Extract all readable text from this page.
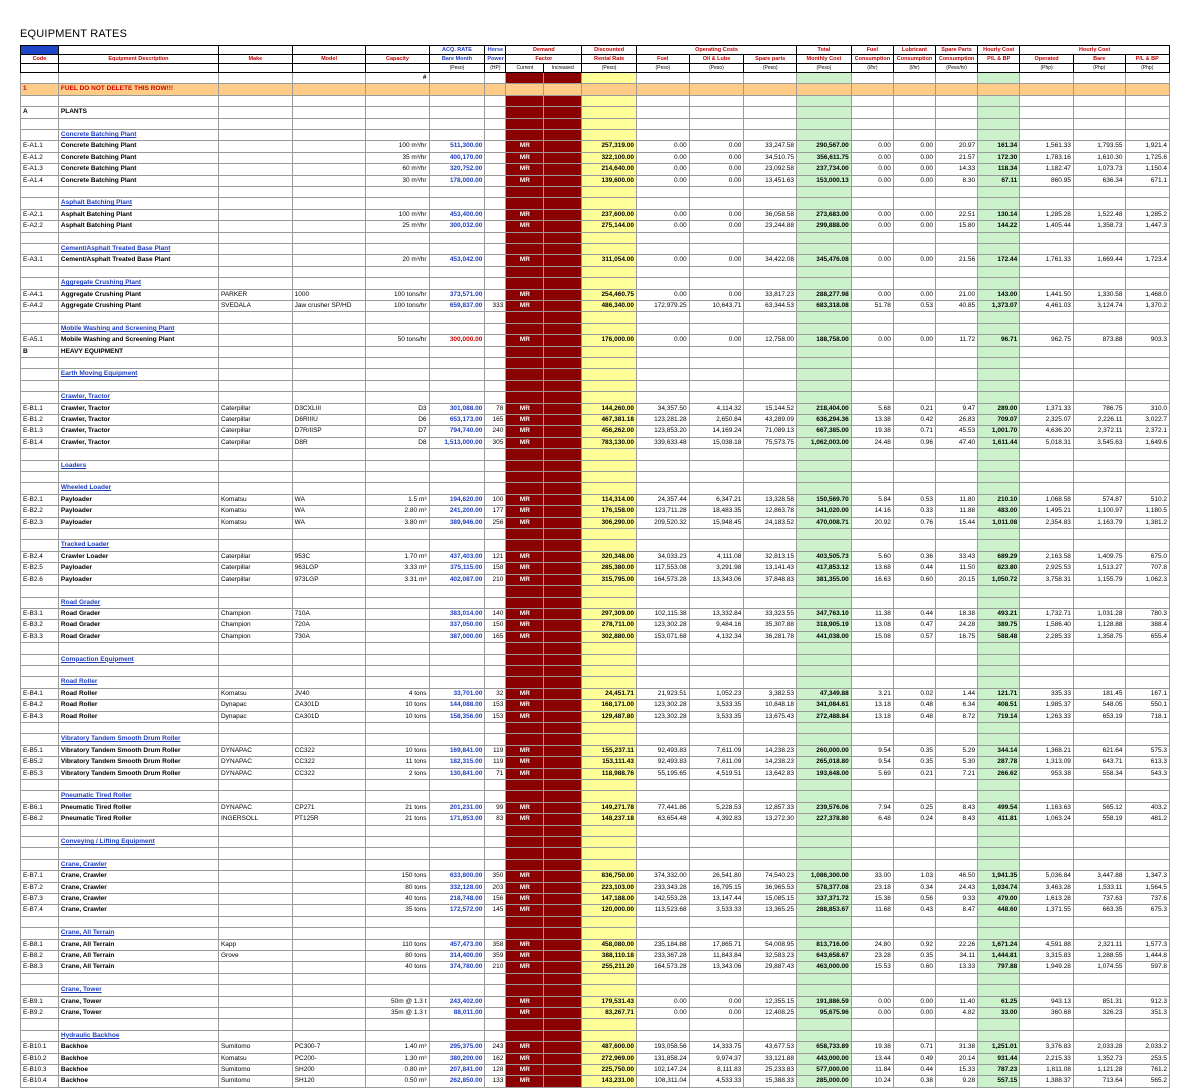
EQUIPMENT RATES
					ACQ. RATE	Horse	Demand		Discounted	Operating Costs			Total	Fuel	Lubricant	Spare Parts	Hourly Cost	Hourly Cost		
Code	Equipment Description	Make	Model	Capacity	Bare Month	Power	Factor		Rental Rate	Fuel	Oil & Lube	Spare parts	Monthly Cost	Consumption	Consumption	Consumption	P/L & BP	Operated	Bare	P/L & BP
					(Peso)	(HP)	Current	Increased	(Peso)	(Peso)	(Peso)	(Peso)	(Peso)	(l/hr)	(l/hr)	(Peso/hr)		(Php)	(Php)	(Php)
				#																
1	FUEL DO NOT DELETE THIS ROW!!!																			

A	PLANTS																			

	Concrete Batching Plant																			
E-A1.1	Concrete Batching Plant			100 m³/hr	511,300.00		MR		257,319.00	0.00	0.00	33,247.58	290,567.00	0.00	0.00	20.97	161.34	1,561.33	1,793.55	1,921.4
E-A1.2	Concrete Batching Plant			35 m³/hr	400,170.00		MR		322,100.00	0.00	0.00	34,510.75	356,611.75	0.00	0.00	21.57	172.30	1,783.16	1,610.30	1,725.6
E-A1.3	Concrete Batching Plant			60 m³/hr	320,752.00		MR		214,640.00	0.00	0.00	23,092.58	237,734.00	0.00	0.00	14.33	118.34	1,182.47	1,073.73	1,150.4
E-A1.4	Concrete Batching Plant			30 m³/hr	178,000.00		MR		139,600.00	0.00	0.00	13,451.63	153,000.13	0.00	0.00	8.30	67.11	860.95	636.34	671.1

	Asphalt Batching Plant																			
E-A2.1	Asphalt Batching Plant			100 m³/hr	453,400.00		MR		237,600.00	0.00	0.00	36,058.58	273,683.00	0.00	0.00	22.51	130.14	1,285.28	1,522.48	1,285.2
E-A2.2	Asphalt Batching Plant			25 m³/hr	300,032.00		MR		275,144.00	0.00	0.00	23,244.88	299,888.00	0.00	0.00	15.80	144.22	1,405.44	1,358.73	1,447.3

	Cement/Asphalt Treated Base Plant																			
E-A3.1	Cement/Asphalt Treated Base Plant			20 m³/hr	453,042.00		MR		311,054.00	0.00	0.00	34,422.08	345,476.08	0.00	0.00	21.56	172.44	1,761.33	1,669.44	1,723.4

	Aggregate Crushing Plant																			
E-A4.1	Aggregate Crushing Plant	PARKER	1000	100 tons/hr	373,571.00		MR		254,460.75	0.00	0.00	33,817.23	288,277.98	0.00	0.00	21.00	143.00	1,441.50	1,330.58	1,468.0
E-A4.2	Aggregate Crushing Plant	SVEDALA	Jaw crusher SP/HD	100 tons/hr	659,837.00	333	MR		486,340.00	172,979.25	10,643.71	63,344.53	683,318.08	51.78	0.53	40.85	1,373.07	4,461.03	3,124.74	1,370.2

	Mobile Washing and Screening Plant																			
E-A5.1	Mobile Washing and Screening Plant			50 tons/hr	300,000.00		MR		176,000.00	0.00	0.00	12,758.00	188,758.00	0.00	0.00	11.72	96.71	962.75	873.88	903.3
B	HEAVY EQUIPMENT																			

	Earth Moving Equipment																			

	Crawler, Tractor																			
E-B1.1	Crawler, Tractor	Caterpillar	D3CXLIII	D3	301,088.00	78	MR		144,260.00	34,357.50	4,114.32	15,144.52	218,404.00	5.68	0.21	9.47	289.00	1,371.33	786.75	310.0
E-B1.2	Crawler, Tractor	Caterpillar	D6RIIIU	D6	653,173.00	165	MR		467,381.18	123,281.28	2,650.84	43,289.09	636,294.36	13.38	0.42	26.83	709.07	2,325.07	2,226.11	3,022.7
E-B1.3	Crawler, Tractor	Caterpillar	D7R/IISP	D7	794,740.00	240	MR		456,262.00	123,853.20	14,169.24	71,089.13	667,385.00	19.38	0.71	45.53	1,001.70	4,636.20	2,372.11	2,372.1
E-B1.4	Crawler, Tractor	Caterpillar	D8R	D8	1,513,000.00	305	MR		783,130.00	339,633.48	15,038.18	75,573.75	1,062,003.00	24.48	0.96	47.40	1,611.44	5,018.31	3,545.63	1,649.6

	Loaders																			

	Wheeled Loader																			
E-B2.1	Payloader	Komatsu	WA	1.5 m³	194,620.00	100	MR		114,314.00	24,357.44	6,347.21	13,328.58	150,569.70	5.84	0.53	11.80	210.10	1,068.58	574.87	510.2
E-B2.2	Payloader	Komatsu	WA	2.80 m³	241,200.00	177	MR		176,158.00	123,711.28	18,483.35	12,863.78	341,020.00	14.16	0.33	11.88	483.00	1,495.21	1,100.97	1,180.5
E-B2.3	Payloader	Komatsu	WA	3.80 m³	389,946.00	256	MR		306,290.00	209,520.32	15,948.45	24,183.52	470,008.71	20.92	0.76	15.44	1,011.08	2,354.83	1,163.79	1,381.2

	Tracked Loader																			
E-B2.4	Crawler Loader	Caterpillar	953C	1.70 m³	437,403.00	121	MR		320,348.00	34,033.23	4,111.08	32,813.15	403,505.73	5.60	0.36	33.43	689.29	2,163.58	1,409.75	675.0
E-B2.5	Payloader	Caterpillar	963LGP	3.33 m³	375,115.00	158	MR		285,380.00	117,553.08	3,291.98	13,141.43	417,853.12	13.68	0.44	11.50	823.80	2,925.53	1,513.27	707.8
E-B2.6	Payloader	Caterpillar	973LGP	3.31 m³	402,087.00	210	MR		315,795.00	164,573.28	13,343.06	37,848.83	381,355.00	16.63	0.60	20.15	1,050.72	3,758.31	1,155.79	1,062.3

	Road Grader																			
E-B3.1	Road Grader	Champion	710A		383,014.00	140	MR		297,309.00	102,115.38	13,332.84	33,323.55	347,763.10	11.38	0.44	18.38	493.21	1,732.71	1,031.28	780.3
E-B3.2	Road Grader	Champion	720A		337,050.00	150	MR		278,711.00	123,302.28	9,484.16	35,307.88	318,905.19	13.08	0.47	24.28	389.75	1,586.40	1,128.88	388.4
E-B3.3	Road Grader	Champion	730A		387,000.00	165	MR		302,880.00	153,071.68	4,132.34	36,281.78	441,038.00	15.08	0.57	16.75	588.48	2,285.33	1,358.75	655.4

	Compaction Equipment																			

	Road Roller																			
E-B4.1	Road Roller	Komatsu	JV40	4 tons	33,701.00	32	MR		24,451.71	21,923.51	1,052.23	3,382.53	47,349.88	3.21	0.02	1.44	121.71	335.33	181.45	167.1
E-B4.2	Road Roller	Dynapac	CA301D	10 tons	144,088.00	153	MR		168,171.00	123,302.28	3,533.35	10,848.18	341,084.61	13.18	0.48	6.34	408.51	1,985.37	548.05	550.1
E-B4.3	Road Roller	Dynapac	CA301D	10 tons	158,356.00	153	MR		129,487.80	123,302.28	3,533.35	13,675.43	272,488.84	13.18	0.48	8.72	719.14	1,263.33	653.19	718.1

	Vibratory Tandem Smooth Drum Roller																			
E-B5.1	Vibratory Tandem Smooth Drum Roller	DYNAPAC	CC322	10 tons	169,841.00	119	MR		155,237.11	92,493.83	7,611.09	14,238.23	260,000.00	9.54	0.35	5.29	344.14	1,368.21	621.64	575.3
E-B5.2	Vibratory Tandem Smooth Drum Roller	DYNAPAC	CC322	11 tons	182,315.00	119	MR		153,111.43	92,493.83	7,611.09	14,238.23	265,018.80	9.54	0.35	5.30	287.78	1,313.09	643.71	613.3
E-B5.3	Vibratory Tandem Smooth Drum Roller	DYNAPAC	CC322	2 tons	130,841.00	71	MR		118,988.76	55,195.65	4,519.51	13,642.83	193,648.00	5.69	0.21	7.21	266.62	953.38	558.34	543.3

	Pneumatic Tired Roller																			
E-B6.1	Pneumatic Tired Roller	DYNAPAC	CP271	21 tons	201,231.00	99	MR		149,271.78	77,441.86	5,228.53	12,857.33	239,576.06	7.94	0.25	8.43	499.54	1,163.63	565.12	403.2
E-B6.2	Pneumatic Tired Roller	INGERSOLL	PT125R	21 tons	171,853.00	83	MR		148,237.18	63,654.48	4,392.83	13,272.30	227,378.80	6.48	0.24	8.43	411.81	1,063.24	558.19	481.2

	Conveying / Lifting Equipment																			

	Crane, Crawler																			
E-B7.1	Crane, Crawler			150 tons	633,800.00	350	MR		836,750.00	374,332.00	26,541.80	74,540.23	1,086,300.00	33.00	1.03	46.50	1,941.35	5,036.84	3,447.88	1,347.3
E-B7.2	Crane, Crawler			80 tons	332,128.00	203	MR		223,103.00	233,343.28	16,795.15	36,965.53	578,377.08	23.18	0.34	24.43	1,034.74	3,463.28	1,533.11	1,564.5
E-B7.3	Crane, Crawler			40 tons	218,748.00	156	MR		147,188.00	142,553.28	13,147.44	15,085.15	337,371.72	15.38	0.56	9.33	479.00	1,613.28	737.63	737.6
E-B7.4	Crane, Crawler			35 tons	172,572.00	145	MR		120,000.00	113,523.68	3,533.33	13,365.25	288,853.67	11.68	0.43	8.47	448.60	1,371.55	663.35	675.3

	Crane, All Terrain																			
E-B8.1	Crane, All Terrain	Kapp		110 tons	457,473.00	358	MR		458,080.00	235,184.88	17,865.71	54,008.95	813,716.00	24.80	0.92	22.26	1,671.24	4,591.88	2,321.11	1,577.3
E-B8.2	Crane, All Terrain	Grove		80 tons	314,400.00	359	MR		388,110.18	233,367.28	11,843.84	32,583.23	643,658.67	23.28	0.35	34.11	1,444.81	3,315.83	1,288.55	1,444.8
E-B8.3	Crane, All Terrain			40 tons	374,780.00	210	MR		255,211.20	164,573.28	13,343.06	29,887.43	463,000.00	15.53	0.60	13.33	797.88	1,949.28	1,074.55	597.8

	Crane, Tower																			
E-B9.1	Crane, Tower			50m @ 1.3 t	243,402.00		MR		179,531.43	0.00	0.00	12,355.15	191,886.59	0.00	0.00	11.40	61.25	943.13	851.31	912.3
E-B9.2	Crane, Tower			35m @ 1.3 t	88,011.00		MR		83,267.71	0.00	0.00	12,408.25	95,675.96	0.00	0.00	4.82	33.00	360.68	326.23	351.3

	Hydraulic Backhoe																			
E-B10.1	Backhoe	Sumitomo	PC300-7	1.40 m³	295,375.00	243	MR		487,600.00	193,058.56	14,333.75	43,677.53	658,733.89	19.38	0.71	31.38	1,251.01	3,376.83	2,033.28	2,033.2
E-B10.2	Backhoe	Komatsu	PC200-	1.30 m³	380,200.00	162	MR		272,969.00	131,858.24	9,974.37	33,121.88	443,000.00	13.44	0.49	20.14	931.44	2,215.33	1,352.73	253.5
E-B10.3	Backhoe	Sumitomo	SH200	0.80 m³	207,841.00	128	MR		225,750.00	102,147.24	8,111.83	25,233.83	577,000.00	11.84	0.44	15.33	787.23	1,811.08	1,121.28	761.2
E-B10.4	Backhoe	Sumitomo	SH120	0.50 m³	262,850.00	133	MR		143,231.00	108,311.04	4,533.33	15,388.33	285,000.00	10.24	0.38	9.28	557.15	1,388.37	713.64	565.2
